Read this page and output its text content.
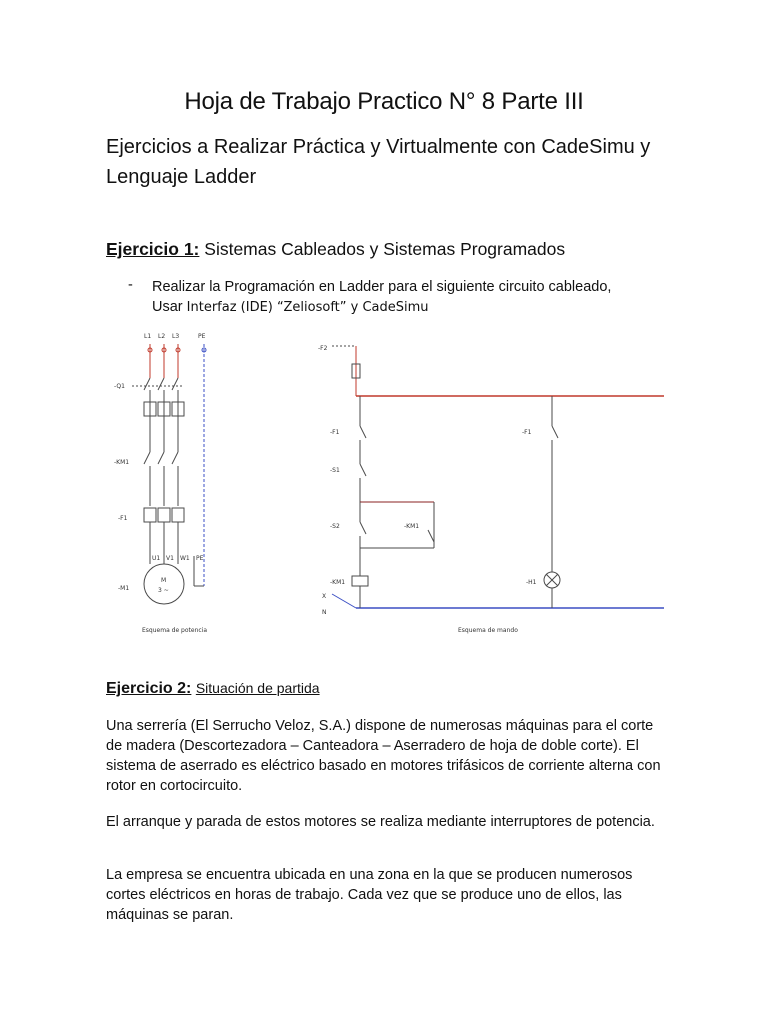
Hoja de Trabajo Practico N° 8 Parte III
Ejercicios a Realizar Práctica y Virtualmente con CadeSimu y Lenguaje Ladder
Ejercicio 1: Sistemas Cableados y Sistemas Programados
- Realizar la Programación en Ladder para el siguiente circuito cableado,
Usar Interfaz (IDE) “Zeliosoft” y CadeSimu
L1 L2 L3	PE
-Q1
-KM1
-F1
U1 V1 W1 PE
M
3 ~
-M1
Esquema de potencia
-F2
-F1
-S1
-S2	-KM1
-KM1
-F1
-H1
X
N
Esquema de mando
Ejercicio 2: Situación de partida
Una serrería (El Serrucho Veloz, S.A.) dispone de numerosas máquinas para el corte de madera (Descortezadora – Canteadora – Aserradero de hoja de doble corte). El sistema de aserrado es eléctrico basado en motores trifásicos de corriente alterna con rotor en cortocircuito.
El arranque y parada de estos motores se realiza mediante interruptores de potencia.
La empresa se encuentra ubicada en una zona en la que se producen numerosos cortes eléctricos en horas de trabajo. Cada vez que se produce uno de ellos, las máquinas se paran.
